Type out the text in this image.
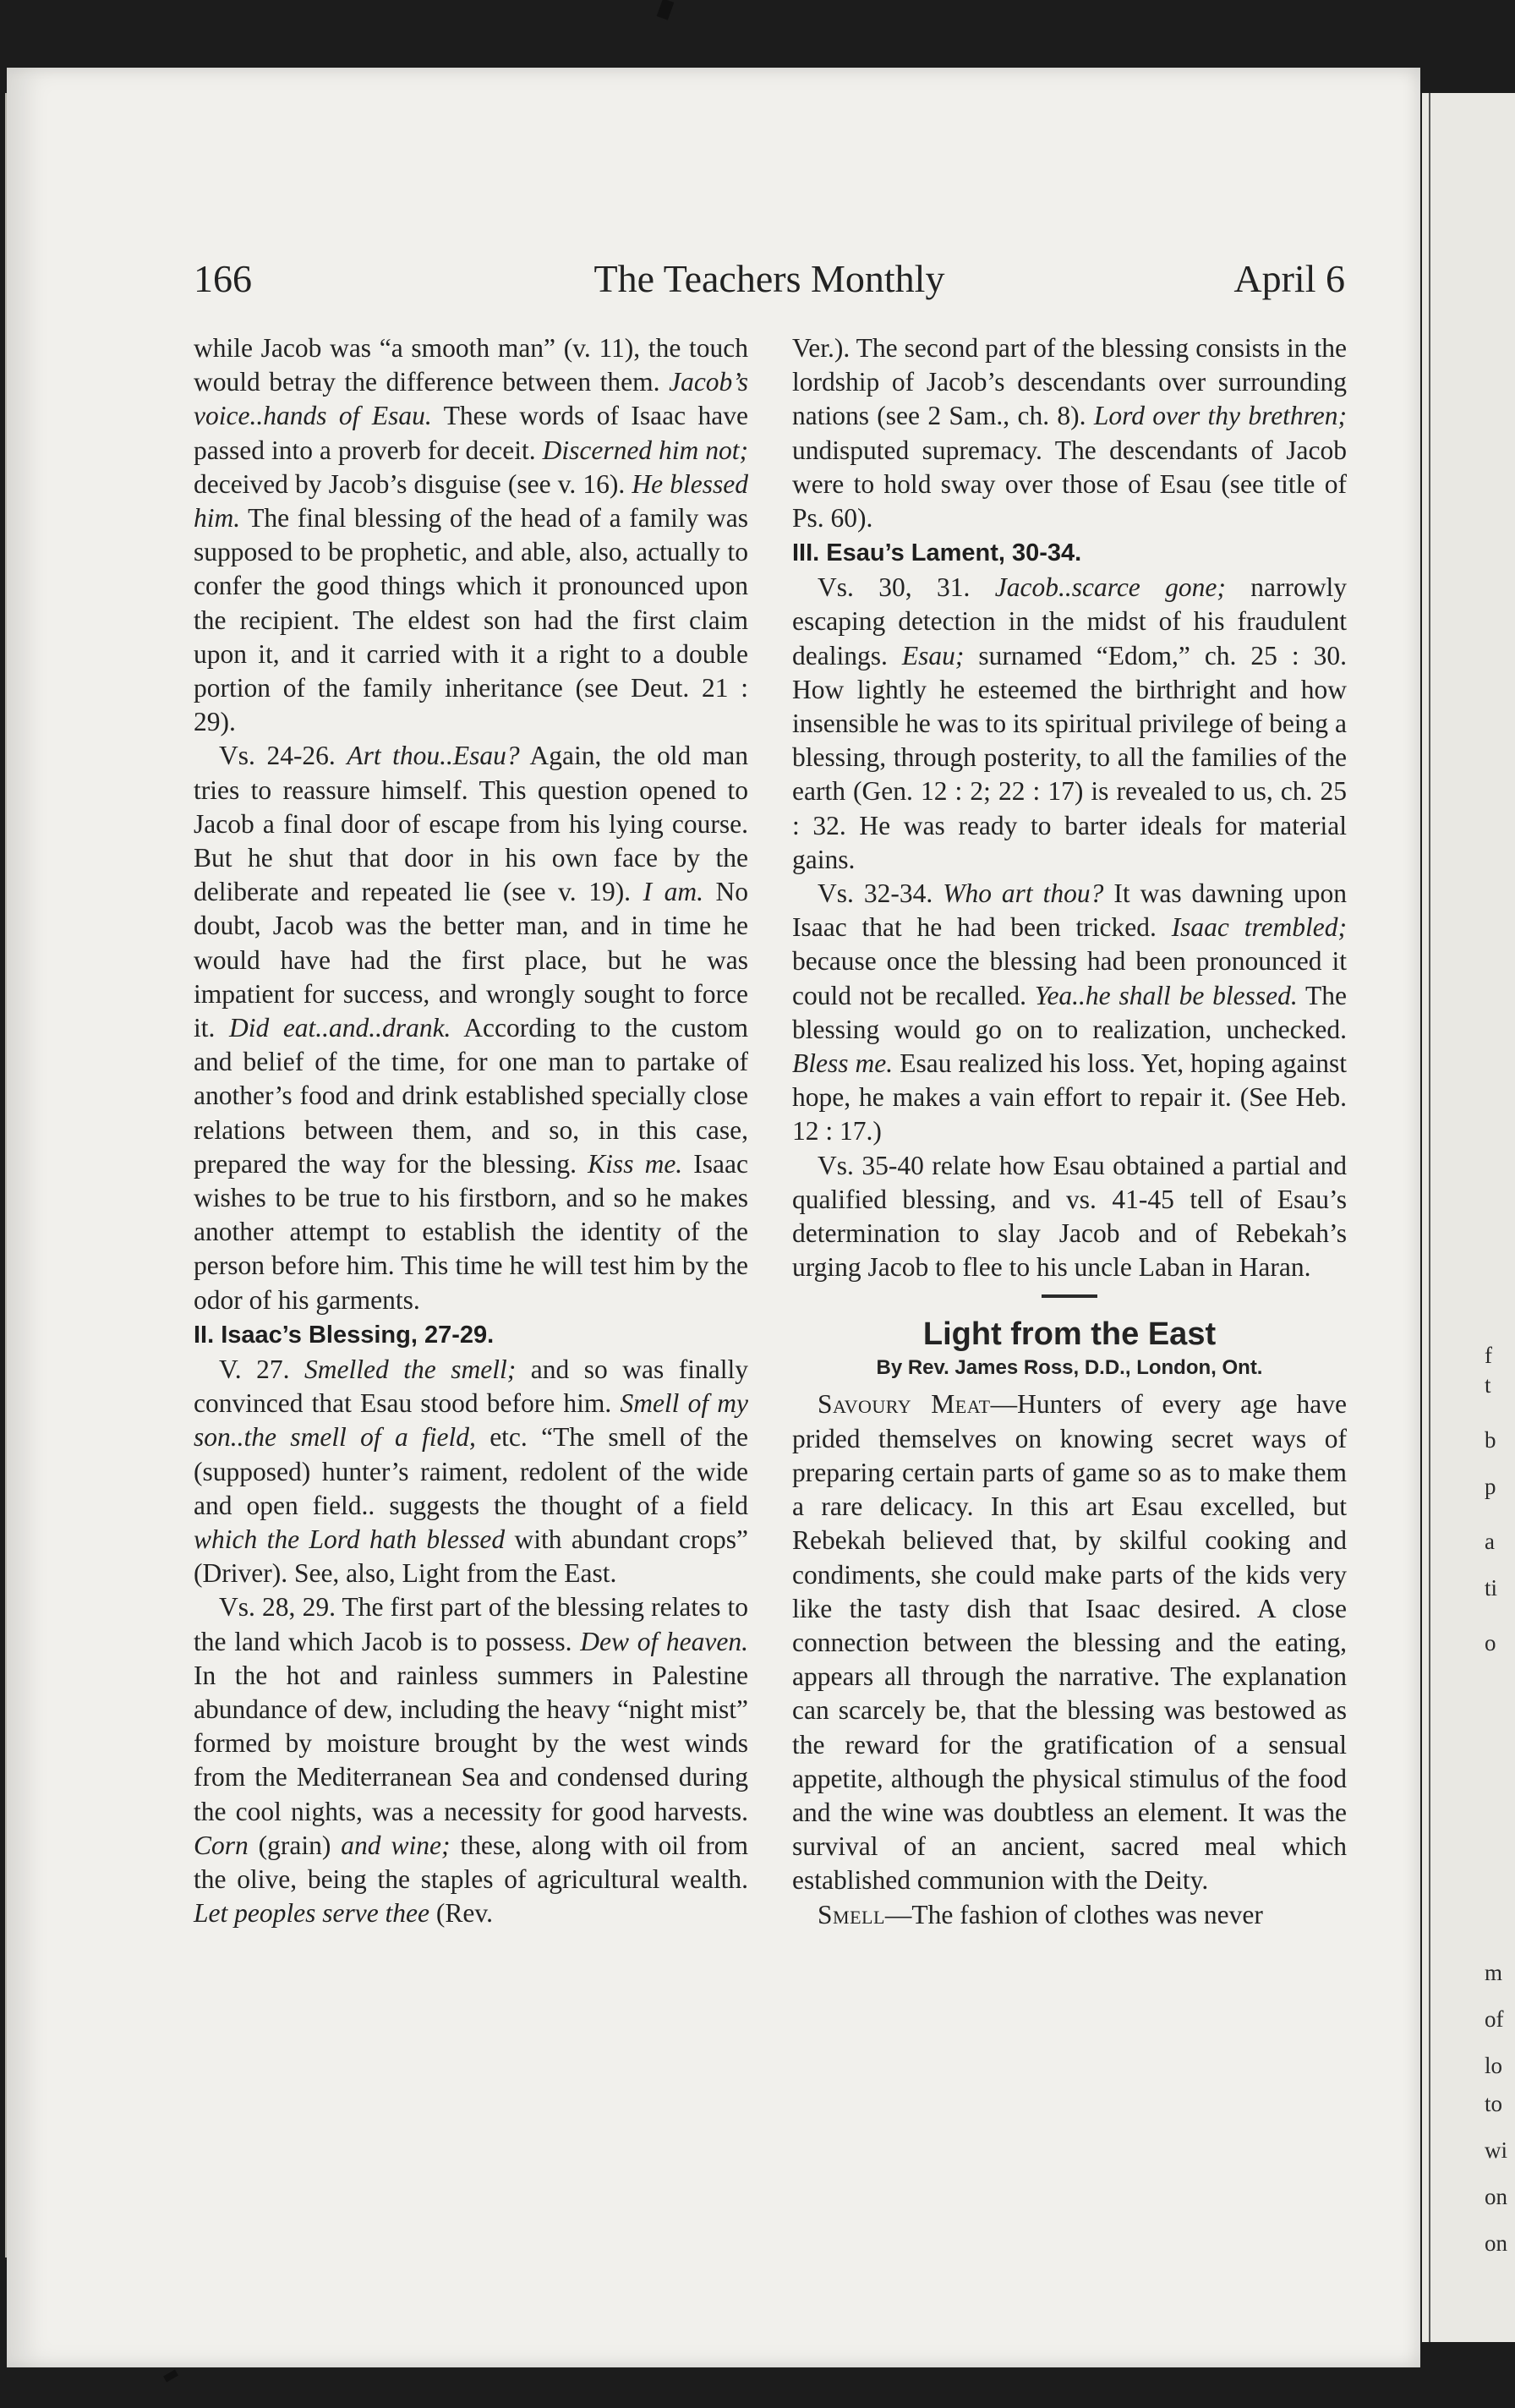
f
t
b
p
a
ti
o
m
of
lo
to
wi
on
on
166	The Teachers Monthly	April 6

while Jacob was “a smooth man” (v. 11), the touch would betray the difference between them. Jacob’s voice..hands of Esau. These words of Isaac have passed into a proverb for deceit. Discerned him not; deceived by Jacob’s disguise (see v. 16). He blessed him. The final blessing of the head of a family was supposed to be prophetic, and able, also, actually to confer the good things which it pronounced upon the recipient. The eldest son had the first claim upon it, and it carried with it a right to a double portion of the family inheritance (see Deut. 21 : 29).

Vs. 24-26. Art thou..Esau? Again, the old man tries to reassure himself. This question opened to Jacob a final door of escape from his lying course. But he shut that door in his own face by the deliberate and repeated lie (see v. 19). I am. No doubt, Jacob was the better man, and in time he would have had the first place, but he was impatient for success, and wrongly sought to force it. Did eat..and..drank. According to the custom and belief of the time, for one man to partake of another’s food and drink established specially close relations between them, and so, in this case, prepared the way for the blessing. Kiss me. Isaac wishes to be true to his firstborn, and so he makes another attempt to establish the identity of the person before him. This time he will test him by the odor of his garments.

II. Isaac’s Blessing, 27-29.

V. 27. Smelled the smell; and so was finally convinced that Esau stood before him. Smell of my son..the smell of a field, etc. “The smell of the (supposed) hunter’s raiment, redolent of the wide and open field.. suggests the thought of a field which the Lord hath blessed with abundant crops” (Driver). See, also, Light from the East.

Vs. 28, 29. The first part of the blessing relates to the land which Jacob is to possess. Dew of heaven. In the hot and rainless summers in Palestine abundance of dew, including the heavy “night mist” formed by moisture brought by the west winds from the Mediterranean Sea and condensed during the cool nights, was a necessity for good harvests. Corn (grain) and wine; these, along with oil from the olive, being the staples of agricultural wealth. Let peoples serve thee (Rev.

Ver.). The second part of the blessing consists in the lordship of Jacob’s descendants over surrounding nations (see 2 Sam., ch. 8). Lord over thy brethren; undisputed supremacy. The descendants of Jacob were to hold sway over those of Esau (see title of Ps. 60).

III. Esau’s Lament, 30-34.

Vs. 30, 31. Jacob..scarce gone; narrowly escaping detection in the midst of his fraudulent dealings. Esau; surnamed “Edom,” ch. 25 : 30. How lightly he esteemed the birthright and how insensible he was to its spiritual privilege of being a blessing, through posterity, to all the families of the earth (Gen. 12 : 2; 22 : 17) is revealed to us, ch. 25 : 32. He was ready to barter ideals for material gains.

Vs. 32-34. Who art thou? It was dawning upon Isaac that he had been tricked. Isaac trembled; because once the blessing had been pronounced it could not be recalled. Yea..he shall be blessed. The blessing would go on to realization, unchecked. Bless me. Esau realized his loss. Yet, hoping against hope, he makes a vain effort to repair it. (See Heb. 12 : 17.)

Vs. 35-40 relate how Esau obtained a partial and qualified blessing, and vs. 41-45 tell of Esau’s determination to slay Jacob and of Rebekah’s urging Jacob to flee to his uncle Laban in Haran.

Light from the East

By Rev. James Ross, D.D., London, Ont.

Savoury Meat—Hunters of every age have prided themselves on knowing secret ways of preparing certain parts of game so as to make them a rare delicacy. In this art Esau excelled, but Rebekah believed that, by skilful cooking and condiments, she could make parts of the kids very like the tasty dish that Isaac desired. A close connection between the blessing and the eating, appears all through the narrative. The explanation can scarcely be, that the blessing was bestowed as the reward for the gratification of a sensual appetite, although the physical stimulus of the food and the wine was doubtless an element. It was the survival of an ancient, sacred meal which established communion with the Deity.

Smell—The fashion of clothes was never
